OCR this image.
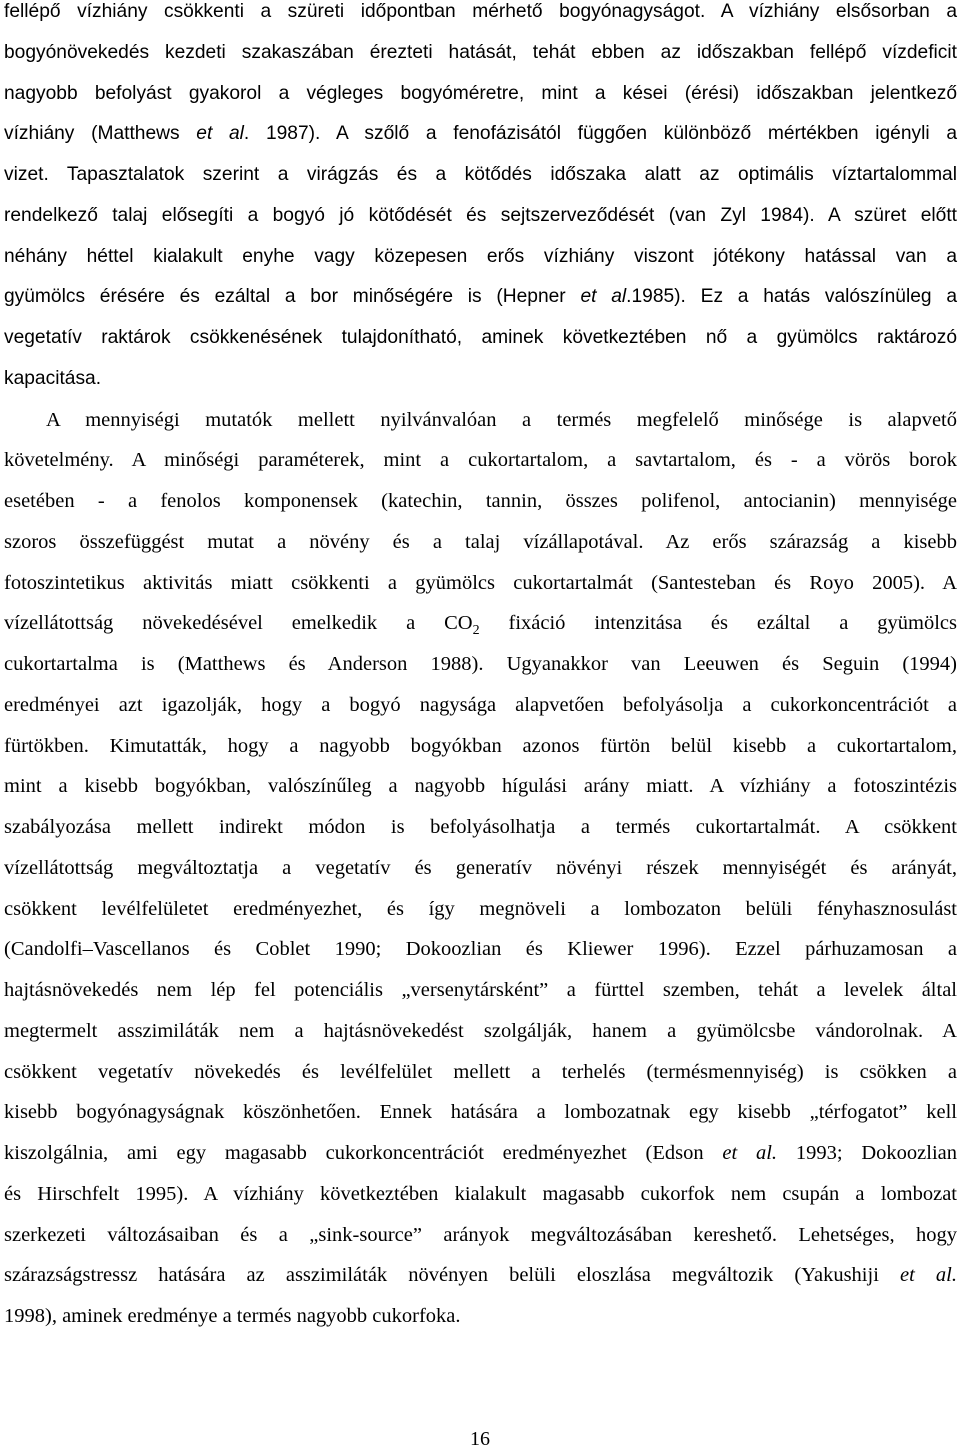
fellépő vízhiány csökkenti a szüreti időpontban mérhető bogyónagyságot. A vízhiány elsősorban a

bogyónövekedés kezdeti szakaszában érezteti hatását, tehát ebben az időszakban fellépő vízdeficit

nagyobb befolyást gyakorol a végleges bogyóméretre, mint a kései (érési) időszakban jelentkező

vízhiány (Matthews et al. 1987). A szőlő a fenofázisától függően különböző mértékben igényli a

vizet. Tapasztalatok szerint a virágzás és a kötődés időszaka alatt az optimális víztartalommal

rendelkező talaj elősegíti a bogyó jó kötődését és sejtszerveződését (van Zyl 1984). A szüret előtt

néhány héttel kialakult enyhe vagy közepesen erős vízhiány viszont jótékony hatással van a

gyümölcs érésére és ezáltal a bor minőségére is (Hepner et al.1985). Ez a hatás valószínüleg a

vegetatív raktárok csökkenésének tulajdonítható, aminek következtében nő a gyümölcs raktározó

kapacitása.

A mennyiségi mutatók mellett nyilvánvalóan a termés megfelelő minősége is alapvető

követelmény. A minőségi paraméterek, mint a cukortartalom, a savtartalom, és - a vörös borok

esetében - a fenolos komponensek (katechin, tannin, összes polifenol, antocianin) mennyisége

szoros összefüggést mutat a növény és a talaj vízállapotával. Az erős szárazság a kisebb

fotoszintetikus aktivitás miatt csökkenti a gyümölcs cukortartalmát (Santesteban és Royo 2005). A

vízellátottság növekedésével emelkedik a $CO_2$ fixáció intenzitása és ezáltal a gyümölcs

cukortartalma is (Matthews és Anderson 1988). Ugyanakkor van Leeuwen és Seguin (1994)

eredményei azt igazolják, hogy a bogyó nagysága alapvetően befolyásolja a cukorkoncentrációt a

fürtökben. Kimutatták, hogy a nagyobb bogyókban azonos fürtön belül kisebb a cukortartalom,

mint a kisebb bogyókban, valószínűleg a nagyobb hígulási arány miatt. A vízhiány a fotoszintézis

szabályozása mellett indirekt módon is befolyásolhatja a termés cukortartalmát. A csökkent

vízellátottság megváltoztatja a vegetatív és generatív növényi részek mennyiségét és arányát,

csökkent levélfelületet eredményezhet, és így megnöveli a lombozaton belüli fényhasznosulást

(Candolfi–Vascellanos és Coblet 1990; Dokoozlian és Kliewer 1996). Ezzel párhuzamosan a

hajtásnövekedés nem lép fel potenciális „versenytársként” a fürttel szemben, tehát a levelek által

megtermelt asszimiláták nem a hajtásnövekedést szolgálják, hanem a gyümölcsbe vándorolnak. A

csökkent vegetatív növekedés és levélfelület mellett a terhelés (termésmennyiség) is csökken a

kisebb bogyónagyságnak köszönhetően. Ennek hatására a lombozatnak egy kisebb „térfogatot” kell

kiszolgálnia, ami egy magasabb cukorkoncentrációt eredményezhet (Edson et al. 1993; Dokoozlian

és Hirschfelt 1995). A vízhiány következtében kialakult magasabb cukorfok nem csupán a lombozat

szerkezeti változásaiban és a „sink-source” arányok megváltozásában kereshető. Lehetséges, hogy

szárazságstressz hatására az asszimiláták növényen belüli eloszlása megváltozik (Yakushiji et al.

1998), aminek eredménye a termés nagyobb cukorfoka.

16
